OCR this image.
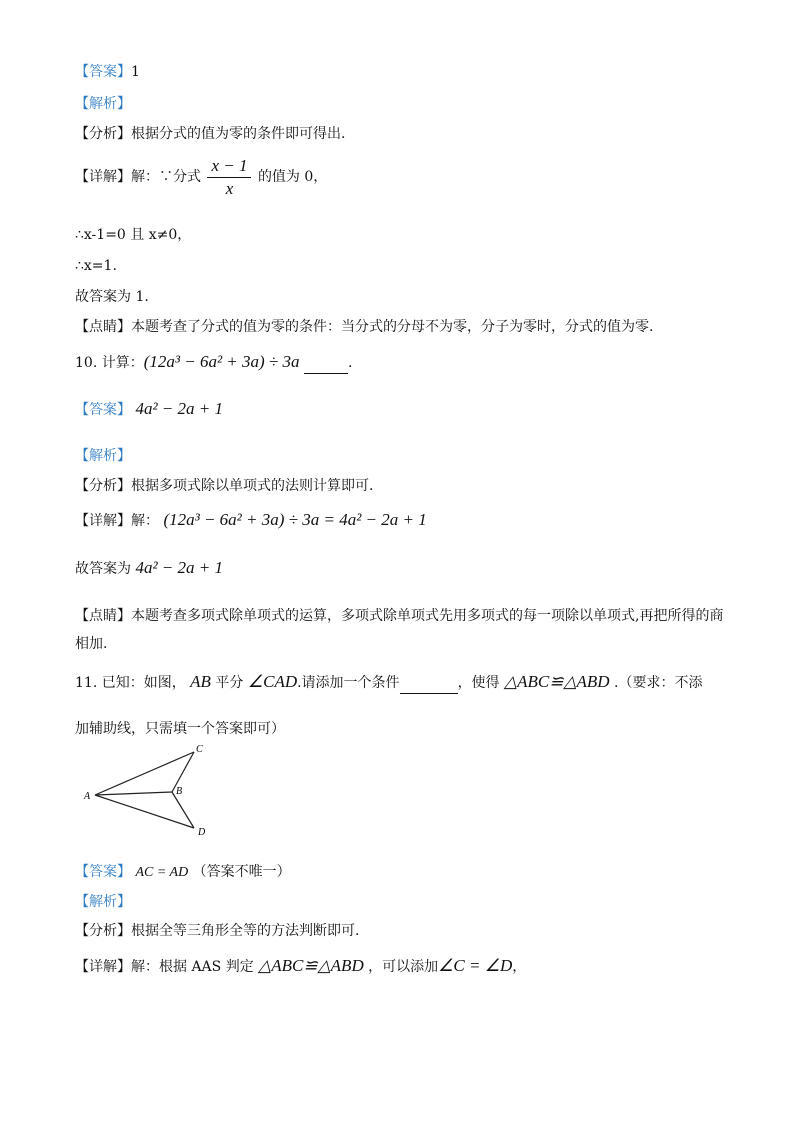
【答案】1
【解析】
【分析】根据分式的值为零的条件即可得出.
【详解】解：∵分式 $\frac{x - 1}{x}$ 的值为 0，
∴x-1=0 且 x≠0，
∴x=1.
故答案为 1.
【点睛】本题考查了分式的值为零的条件：当分式的分母不为零，分子为零时，分式的值为零.
10. 计算：(12a³ − 6a² + 3a) ÷ 3a	.
【答案】 4a² − 2a + 1
【解析】
【分析】根据多项式除以单项式的法则计算即可.
【详解】解： (12a³ − 6a² + 3a) ÷ 3a = 4a² − 2a + 1
故答案为 4a² − 2a + 1
【点睛】本题考查多项式除单项式的运算，多项式除单项式先用多项式的每一项除以单项式,再把所得的商
相加.
11. 已知：如图， AB 平分 ∠CAD.请添加一个条件	，使得 △ABC≌△ABD .（要求：不添
加辅助线，只需填一个答案即可）
A	B
C
D
【答案】 AC = AD （答案不唯一）
【解析】
【分析】根据全等三角形全等的方法判断即可.
【详解】解：根据 AAS 判定 △ABC≌△ABD ，可以添加∠C = ∠D，
